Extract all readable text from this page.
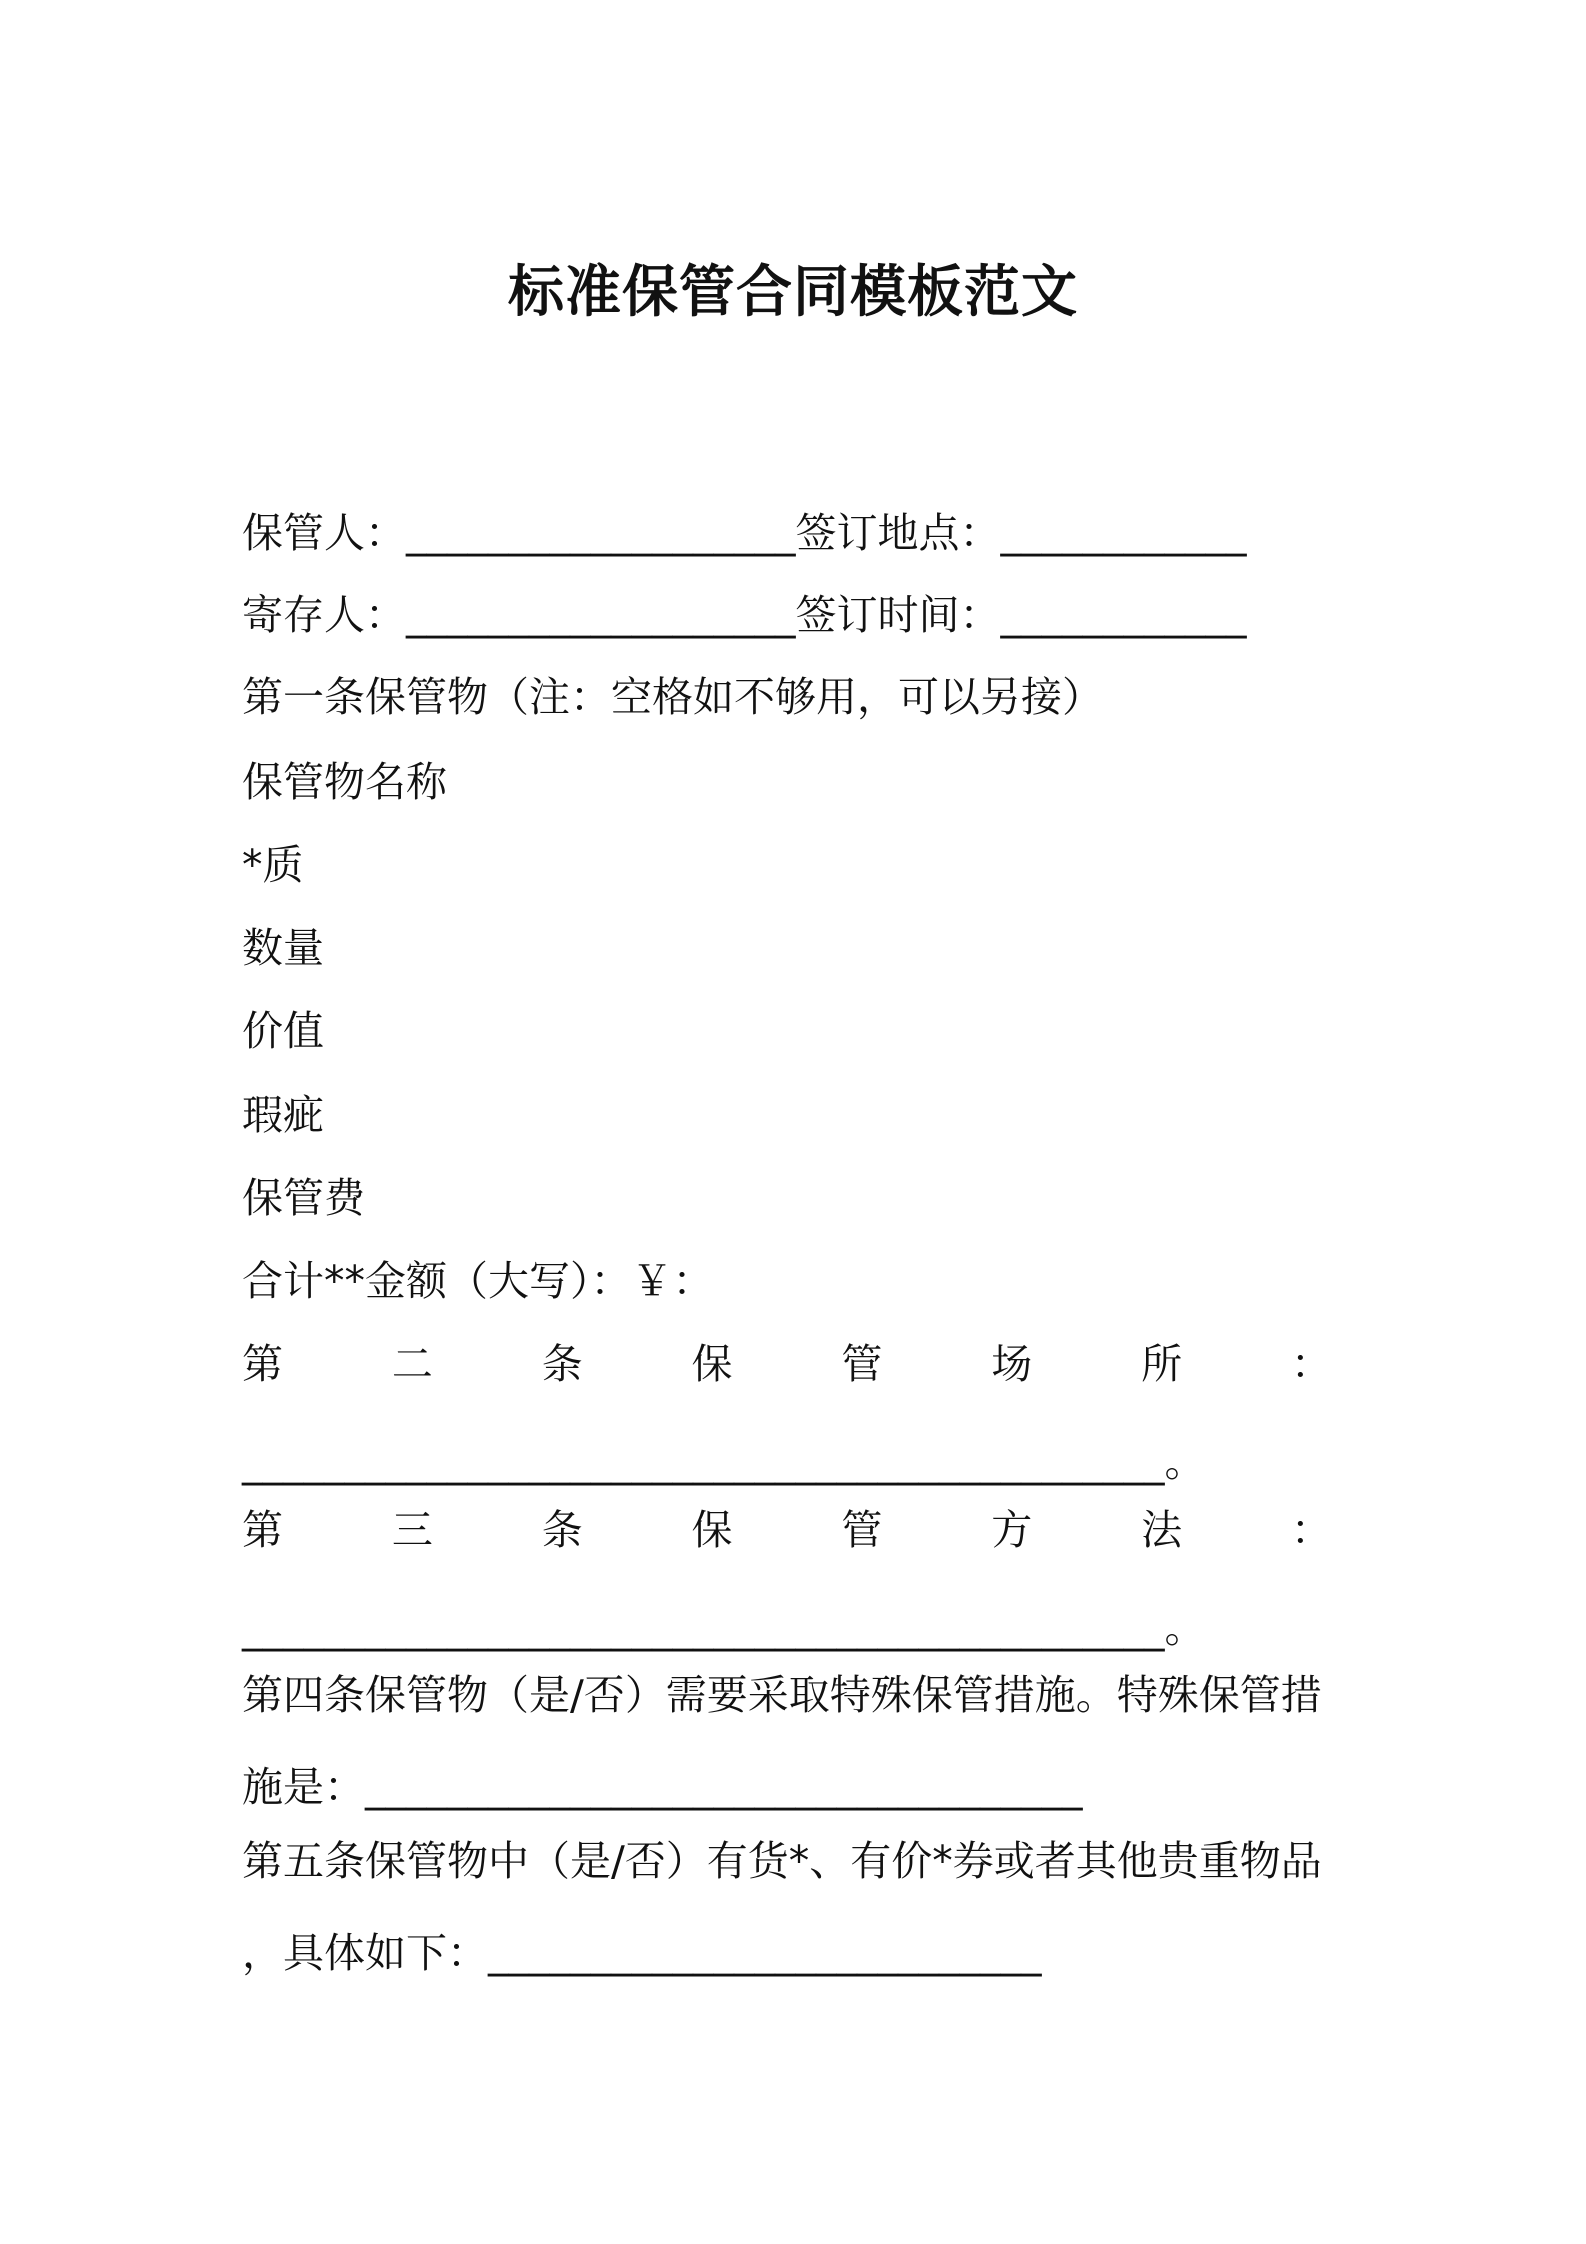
标准保管合同模板范文
保管人：___________________签订地点：____________
寄存人：___________________签订时间：____________
第一条保管物（注：空格如不够用，可以另接）
保管物名称
*质
数量
价值
瑕疵
保管费
合计**金额（大写）：￥：
第	二	条	保	管	场	所	：
_____________________________________________。
第	三	条	保	管	方	法	：
_____________________________________________。
第四条保管物（是/否）需要采取特殊保管措施。特殊保管措
施是：___________________________________
第五条保管物中（是/否）有货*、有价*券或者其他贵重物品
，具体如下：___________________________
